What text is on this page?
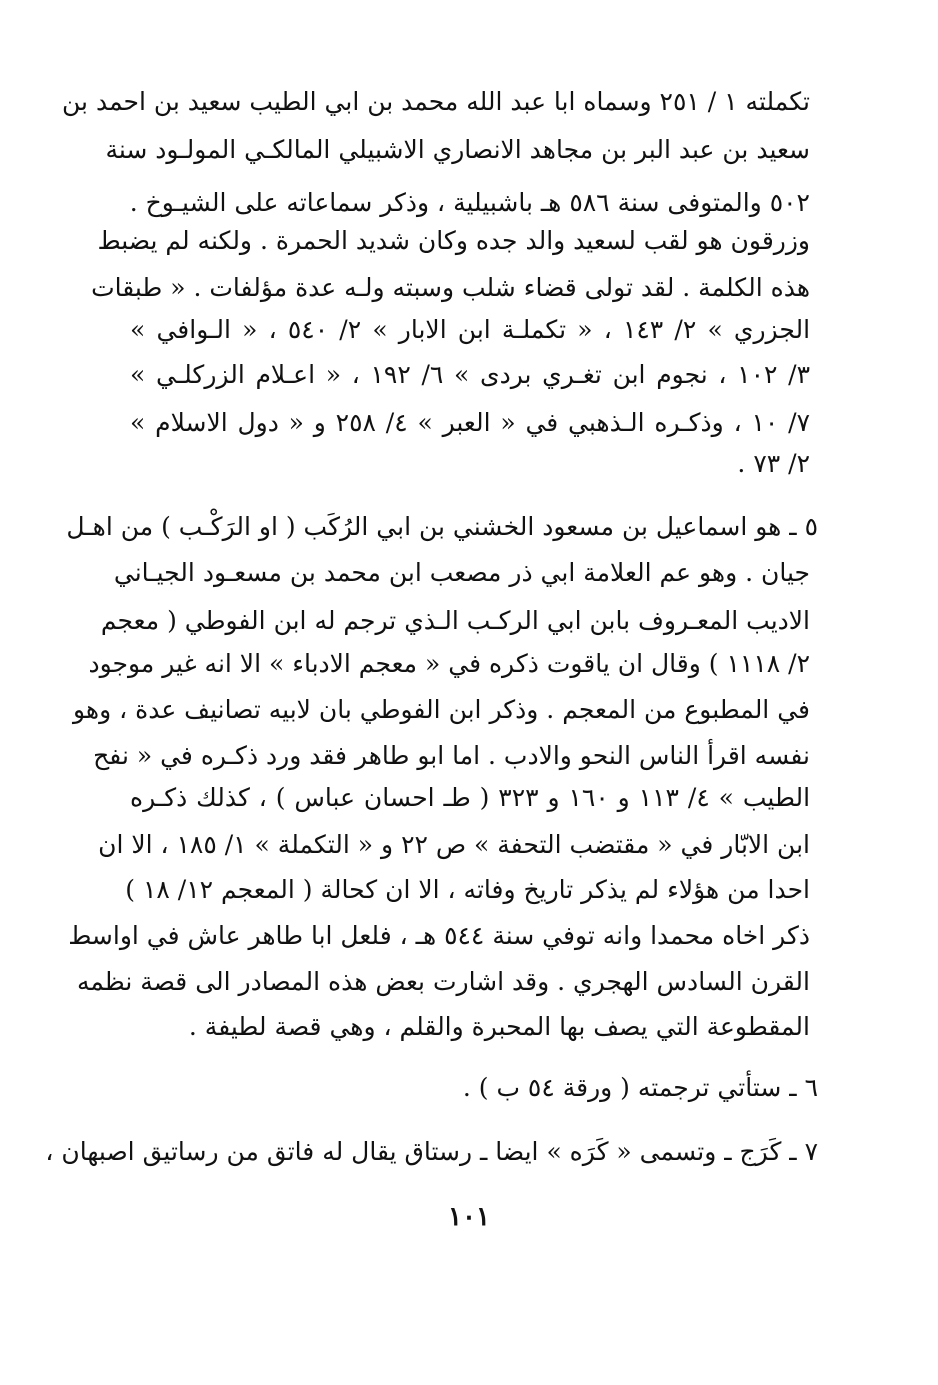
تكملته ١ / ٢٥١ وسماه ابا عبد الله محمد بن ابي الطيب سعيد بن احمد بن
سعيد بن عبد البر بن مجاهد الانصاري الاشبيلي المالكـي المولـود سنة
٥٠٢ والمتوفى سنة ٥٨٦ هـ باشبيلية ، وذكر سماعاته على الشيـوخ .
وزرقون هو لقب لسعيد والد جده وكان شديد الحمرة . ولكنه لم يضبط
هذه الكلمة . لقد تولى قضاء شلب وسبته ولـه عدة مؤلفات . « طبقات
الجزري » ٢/ ١٤٣ ، « تكملـة ابن الابار » ٢/ ٥٤٠ ، « الـوافي »
٣/ ١٠٢ ، نجوم ابن تغـري بردى » ٦/ ١٩٢ ، « اعـلام الزركلـي »
٧/ ١٠ ، وذكـره الـذهبي في « العبر » ٤/ ٢٥٨ و « دول الاسلام »
٢/ ٧٣ .
٥ ـ هو اسماعيل بن مسعود الخشني بن ابي الرُكَب ( او الرَكْـب ) من اهـل
جيان . وهو عم العلامة ابي ذر مصعب ابن محمد بن مسعـود الجيـاني
الاديب المعـروف بابن ابي الركـب الـذي ترجم له ابن الفوطي ( معجم
٢/ ١١١٨ ) وقال ان ياقوت ذكره في « معجم الادباء » الا انه غير موجود
في المطبوع من المعجم . وذكر ابن الفوطي بان لابيه تصانيف عدة ، وهو
نفسه اقرأ الناس النحو والادب . اما ابو طاهر فقد ورد ذكـره في « نفح
الطيب » ٤/ ١١٣ و ١٦٠ و ٣٢٣ ( طـ احسان عباس ) ، كذلك ذكـره
ابن الابّار في « مقتضب التحفة » ص ٢٢ و « التكملة » ١/ ١٨٥ ، الا ان
احدا من هؤلاء لم يذكر تاريخ وفاته ، الا ان كحالة ( المعجم ١٢/ ١٨ )
ذكر اخاه محمدا وانه توفي سنة ٥٤٤ هـ ، فلعل ابا طاهر عاش في اواسط
القرن السادس الهجري . وقد اشارت بعض هذه المصادر الى قصة نظمه
المقطوعة التي يصف بها المحبرة والقلم ، وهي قصة لطيفة .
٦ ـ ستأتي ترجمته ( ورقة ٥٤ ب ) .
٧ ـ كَرَج ـ وتسمى « كَرَه » ايضا ـ رستاق يقال له فاتق من رساتيق اصبهان ،
١٠١
